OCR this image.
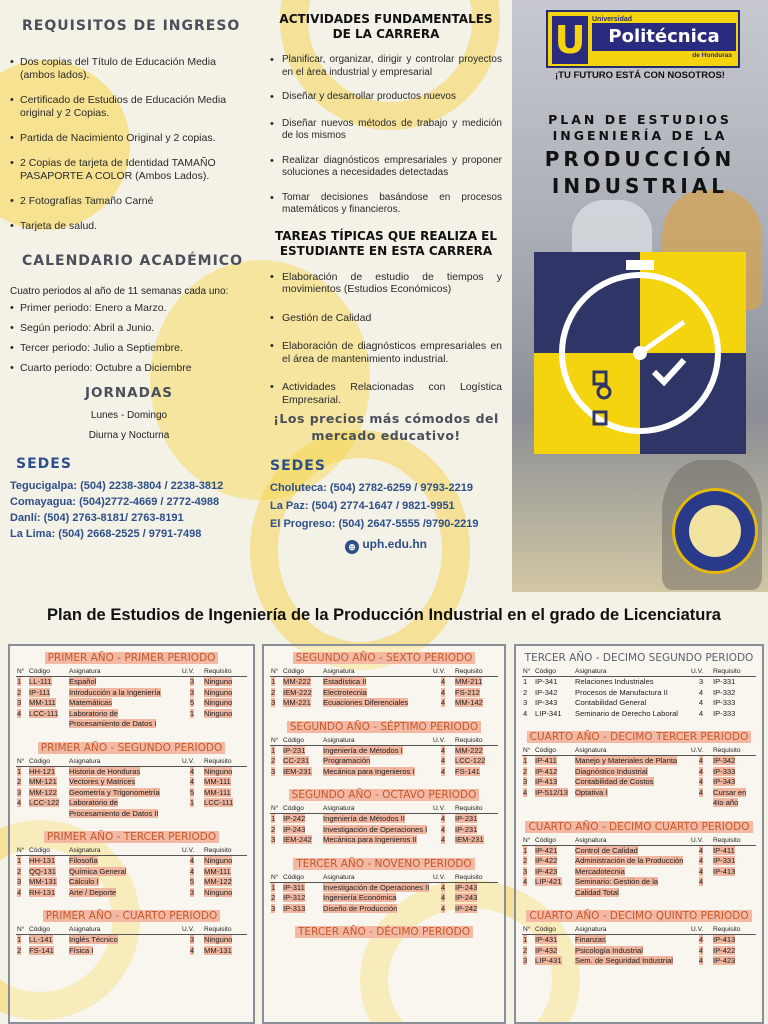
REQUISITOS DE INGRESO
• Dos copias del Título de Educación Media (ambos lados).
• Certificado de Estudios de Educación Media original y 2 Copias.
• Partida de Nacimiento Original y 2 copias.
• 2 Copias de tarjeta de Identidad TAMAÑO PASAPORTE A COLOR (Ambos Lados).
• 2 Fotografías Tamaño Carné
• Tarjeta de salud.
CALENDARIO ACADÉMICO
Cuatro periodos al año de 11 semanas cada uno:
• Primer periodo: Enero a Marzo.
• Según periodo: Abril a Junio.
• Tercer periodo: Julio a Septiembre.
• Cuarto periodo: Octubre a Diciembre
JORNADAS
Lunes - Domingo
Diurna y Nocturna
SEDES
Tegucigalpa: (504) 2238-3804 / 2238-3812
Comayagua: (504)2772-4669 / 2772-4988
Danlí: (504) 2763-8181/ 2763-8191
La Lima: (504) 2668-2525 / 9791-7498
ACTIVIDADES FUNDAMENTALES
DE LA CARRERA
• Planificar, organizar, dirigir y controlar proyectos en el área industrial y empresarial
• Diseñar y desarrollar productos nuevos
• Diseñar nuevos métodos de trabajo y medición de los mismos
• Realizar diagnósticos empresariales y proponer soluciones a necesidades detectadas
• Tomar decisiones basándose en procesos matemáticos y financieros.
TAREAS TÍPICAS QUE REALIZA EL
ESTUDIANTE EN ESTA CARRERA
• Elaboración de estudio de tiempos y movimientos (Estudios Económicos)
• Gestión de Calidad
• Elaboración de diagnósticos empresariales en el área de mantenimiento industrial.
• Actividades Relacionadas con Logística Empresarial.
¡Los precios más cómodos del
mercado educativo!
SEDES
Choluteca: (504) 2782-6259 / 9793-2219
La Paz: (504) 2774-1647 / 9821-9951
El Progreso: (504) 2647-5555 /9790-2219
⊕ uph.edu.hn
U Universidad
Politécnica
de Honduras
¡TU FUTURO ESTÁ CON NOSOTROS!
PLAN DE ESTUDIOS
INGENIERÍA DE LA
PRODUCCIÓN
INDUSTRIAL
Plan de Estudios de Ingeniería de la Producción Industrial en el grado de Licenciatura
PRIMER AÑO - PRIMER PERIODO
N°	Código	Asignatura	U.V.	Requisito
1	LL-111	Español	3	Ninguno
2	IP-111	Introducción a la Ingeniería	3	Ninguno
3	MM-111	Matemáticas	5	Ninguno
4	LCC-111	Laboratorio de	1	Ninguno
		Procesamiento de Datos I		
PRIMER AÑO - SEGUNDO PERIODO
N°	Código	Asignatura	U.V.	Requisito
1	HH-121	Historia de Honduras	4	Ninguno
2	MM-121	Vectores y Matrices	4	MM-111
3	MM-122	Geometría y Trigonometría	5	MM-111
4	LCC-122	Laboratorio de	1	LCC-111
		Procesamiento de Datos II		
PRIMER AÑO - TERCER PERIODO
N°	Código	Asignatura	U.V.	Requisito
1	HH-131	Filosofía	4	Ninguno
2	QQ-131	Química General	4	MM-111
3	MM-131	Cálculo I	5	MM-122
4	RH-131	Arte / Deporte	3	Ninguno
PRIMER AÑO - CUARTO PERIODO
N°	Código	Asignatura	U.V.	Requisito
1	LL-141	Inglés Técnico	3	Ninguno
2	FS-141	Física I	4	MM-131
SEGUNDO AÑO - SEXTO PERIODO
N°	Código	Asignatura	U.V.	Requisito
1	MM-222	Estadística II	4	MM-211
2	IEM-222	Electrotecnia	4	FS-212
3	MM-221	Ecuaciones Diferenciales	4	MM-142
SEGUNDO AÑO - SÉPTIMO PERIODO
N°	Código	Asignatura	U.V.	Requisito
1	IP-231	Ingeniería de Métodos I	4	MM-222
2	CC-231	Programación	4	LCC-122
3	IEM-231	Mecánica para Ingenieros I	4	FS-141
SEGUNDO AÑO - OCTAVO PERIODO
N°	Código	Asignatura	U.V.	Requisito
1	IP-242	Ingeniería de Métodos II	4	IP-231
2	IP-243	Investigación de Operaciones I	4	IP-231
3	IEM-242	Mecánica para Ingenieros II	4	IEM-231
TERCER AÑO - NOVENO PERIODO
N°	Código	Asignatura	U.V.	Requisito
1	IP-311	Investigación de Operaciones II	4	IP-243
2	IP-312	Ingeniería Económica	4	IP-243
3	IP-313	Diseño de Producción	4	IP-242
TERCER AÑO - DÉCIMO PERIODO
TERCER AÑO - DECIMO SEGUNDO PERIODO
N°	Código	Asignatura	U.V.	Requisito
1	IP-341	Relaciones Industriales	3	IP-331
2	IP-342	Procesos de Manufactura II	4	IP-332
3	IP-343	Contabilidad General	4	IP-333
4	LIP-341	Seminario de Derecho Laboral	4	IP-333
CUARTO AÑO - DECIMO TERCER PERIODO
N°	Código	Asignatura	U.V.	Requisito
1	IP-411	Manejo y Materiales de Planta	4	IP-342
2	IP-412	Diagnóstico Industrial	4	IP-333
3	IP-413	Contabilidad de Costos	4	IP-343
4	IP-512/13	Optativa I	4	Cursar en
				4to año
CUARTO AÑO - DECIMO CUARTO PERIODO
N°	Código	Asignatura	U.V.	Requisito
1	IP-421	Control de Calidad	4	IP-411
2	IP-422	Administración de la Producción	4	IP-331
3	IP-423	Mercadotecnia	4	IP-413
4	LIP-421	Seminario: Gestión de la	4	
		Calidad Total		
CUARTO AÑO - DECIMO QUINTO PERIODO
N°	Código	Asignatura	U.V.	Requisito
1	IP-431	Finanzas	4	IP-413
2	IP-432	Psicología Industrial	4	IP-422
3	LIP-431	Sem. de Seguridad Industrial	4	IP-423
